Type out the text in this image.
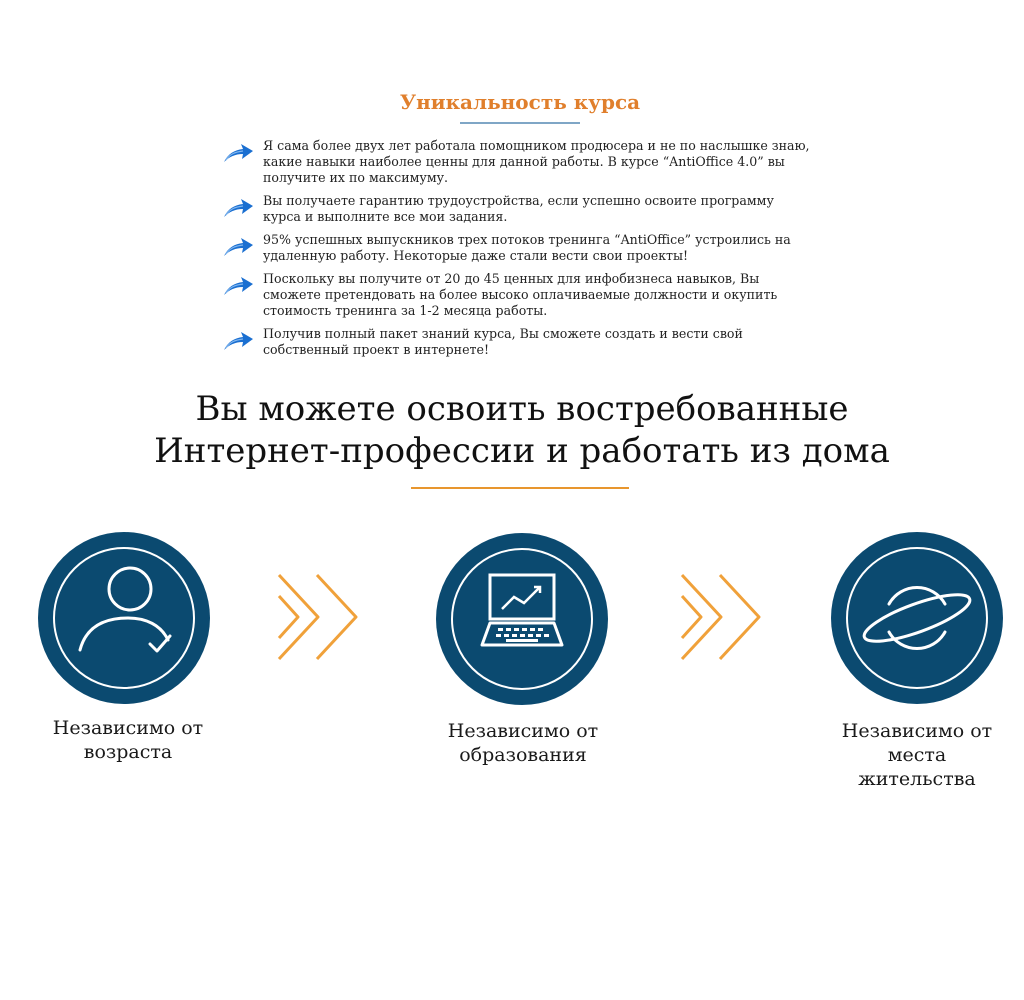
Уникальность курса
Я сама более двух лет работала помощником продюсера и не по наслышке знаю, какие навыки наиболее ценны для данной работы. В курсе “AntiOffice 4.0” вы получите их по максимуму.
Вы получаете гарантию трудоустройства, если успешно освоите программу курса и выполните все мои задания.
95% успешных выпускников трех потоков тренинга “AntiOffice” устроились на удаленную работу. Некоторые даже стали вести свои проекты!
Поскольку вы получите от 20 до 45 ценных для инфобизнеса навыков, Вы сможете претендовать на более высоко оплачиваемые должности и окупить стоимость тренинга за 1-2 месяца работы.
Получив полный пакет знаний курса, Вы сможете создать и вести свой собственный проект в интернете!
Вы можете освоить востребованные
Интернет-профессии и работать из дома
Независимо от
возраста
Независимо от
образования
Независимо от
места
жительства
